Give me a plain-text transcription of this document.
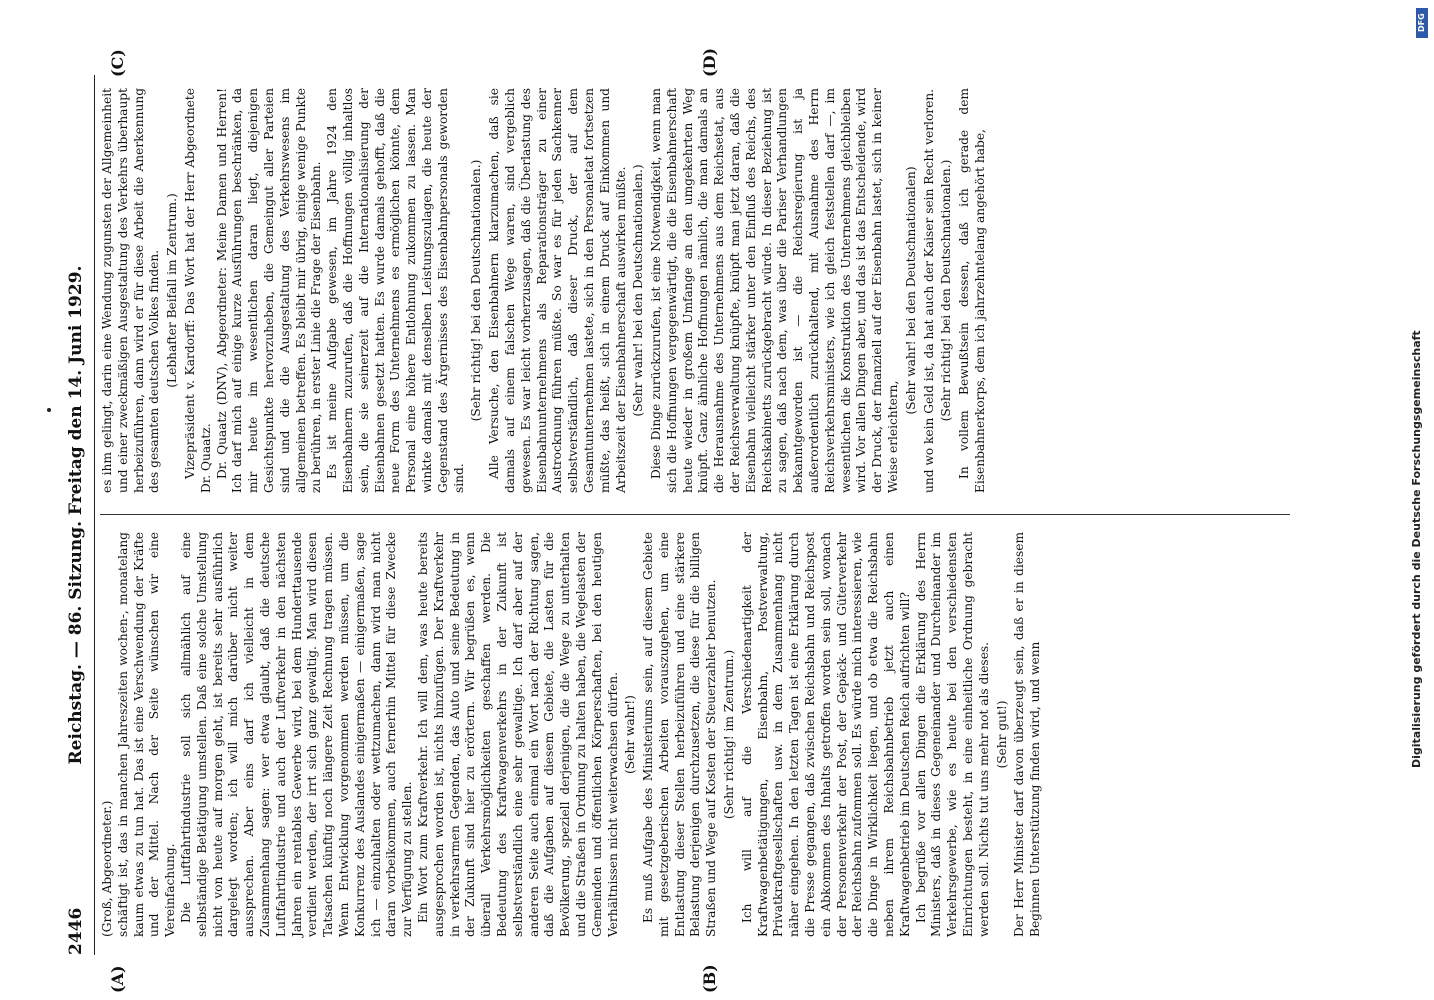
2446
Reichstag. — 86. Sitzung. Freitag den 14. Juni 1929.
(A)	(B)
(C)	(D)

(Groß, Abgeordneter.) schäftigt ist, das in manchen Jahreszeiten wochen-, monatelang kaum etwas zu tun hat. Das ist eine Verschwendung der Kräfte und der Mittel. Nach der Seite wünschen wir eine Vereinfachung. Die Luftfahrtindustrie soll sich allmählich auf eine selbständige Betätigung umstellen. Daß eine solche Umstellung nicht von heute auf morgen geht, ist bereits sehr ausführlich dargelegt worden; ich will mich darüber nicht weiter aussprechen. Aber eins darf ich vielleicht in dem Zusammenhang sagen: wer etwa glaubt, daß die deutsche Luftfahrtindustrie und auch der Luftverkehr in den nächsten Jahren ein rentables Gewerbe wird, bei dem Hunderttausende verdient werden, der irrt sich ganz gewaltig. Man wird diesen Tatsachen künftig noch längere Zeit Rechnung tragen müssen. Wenn Entwicklung vorgenommen werden müssen, um die Konkurrenz des Auslandes einigermaßen — einigermaßen, sage ich — einzuhalten oder wettzumachen, dann wird man nicht daran vorbeikommen, auch fernerhin Mittel für diese Zwecke zur Verfügung zu stellen. Ein Wort zum Kraftverkehr. Ich will dem, was heute bereits ausgesprochen worden ist, nichts hinzufügen. Der Kraftverkehr in verkehrsarmen Gegenden, das Auto und seine Bedeutung in der Zukunft sind hier zu erörtern. Wir begrüßen es, wenn überall Verkehrsmöglichkeiten geschaffen werden. Die Bedeutung des Kraftwagenverkehrs in der Zukunft ist selbstverständlich eine sehr gewaltige. Ich darf aber auf der anderen Seite auch einmal ein Wort nach der Richtung sagen, daß die Aufgaben auf diesem Gebiete, die Lasten für die Bevölkerung, speziell derjenigen, die die Wege zu unterhalten und die Straßen in Ordnung zu halten haben, die Wegelasten der Gemeinden und öffentlichen Körperschaften, bei den heutigen Verhältnissen nicht weiterwachsen dürfen. (Sehr wahr!) Es muß Aufgabe des Ministeriums sein, auf diesem Gebiete mit gesetzgeberischen Arbeiten vorauszugehen, um eine Entlastung dieser Stellen herbeizuführen und eine stärkere Belastung derjenigen durchzusetzen, die diese für die billigen Straßen und Wege auf Kosten der Steuerzahler benutzen. (Sehr richtig! im Zentrum.) Ich will auf die Verschiedenartigkeit der Kraftwagenbetätigungen, Eisenbahn, Postverwaltung, Privatkraftgesellschaften usw. in dem Zusammenhang nicht näher eingehen. In den letzten Tagen ist eine Erklärung durch die Presse gegangen, daß zwischen Reichsbahn und Reichspost ein Abkommen des Inhalts getroffen worden sein soll, wonach der Personenverkehr der Post, der Gepäck- und Güterverkehr der Reichsbahn zufommen soll. Es würde mich interessieren, wie die Dinge in Wirklichkeit liegen, und ob etwa die Reichsbahn neben ihrem Reichsbahnbetrieb jetzt auch einen Kraftwagenbetrieb im Deutschen Reich aufrichten will? Ich begrüße vor allen Dingen die Erklärung des Herrn Ministers, daß in dieses Gegeneinander und Durcheinander im Verkehrsgewerbe, wie es heute bei den verschiedensten Einrichtungen besteht, in eine einheitliche Ordnung gebracht werden soll. Nichts tut uns mehr not als dieses. (Sehr gut!) Der Herr Minister darf davon überzeugt sein, daß er in diesem Beginnen Unterstützung finden wird, und wenn

es ihm gelingt, darin eine Wendung zugunsten der Allgemeinheit und einer zweckmäßigen Ausgestaltung des Verkehrs überhaupt herbeizuführen, dann wird er für diese Arbeit die Anerkennung des gesamten deutschen Volkes finden. (Lebhafter Beifall im Zentrum.) Vizepräsident v. Kardorff: Das Wort hat der Herr Abgeordnete Dr. Quaatz. Dr. Quaatz (DNV), Abgeordneter: Meine Damen und Herren! Ich darf mich auf einige kurze Ausführungen beschränken, da mir heute im wesentlichen daran liegt, diejenigen Gesichtspunkte hervorzuheben, die Gemeingut aller Parteien sind und die die Ausgestaltung des Verkehrswesens im allgemeinen betreffen. Es bleibt mir übrig, einige wenige Punkte zu berühren, in erster Linie die Frage der Eisenbahn. Es ist meine Aufgabe gewesen, im Jahre 1924 den Eisenbahnern zuzurufen, daß die Hoffnungen völlig inhaltlos sein, die sie seinerzeit auf die Internationalisierung der Eisenbahnen gesetzt hatten. Es wurde damals gehofft, daß die neue Form des Unternehmens es ermöglichen könnte, dem Personal eine höhere Entlohnung zukommen zu lassen. Man winkte damals mit denselben Leistungszulagen, die heute der Gegenstand des Ärgernisses des Eisenbahnpersonals geworden sind.

(Sehr richtig! bei den Deutschnationalen.) Alle Versuche, den Eisenbahnern klarzumachen, daß sie damals auf einem falschen Wege waren, sind vergeblich gewesen. Es war leicht vorherzusagen, daß die Überlastung des Eisenbahnunternehmens als Reparationsträger zu einer Austrocknung führen müßte. So war es für jeden Sachkenner selbstverständlich, daß dieser Druck, der auf dem Gesamtunternehmen lastete, sich in den Personaletat fortsetzen müßte, das heißt, sich in einem Druck auf Einkommen und Arbeitszeit der Eisenbahnerschaft auswirken müßte. (Sehr wahr! bei den Deutschnationalen.) Diese Dinge zurückzurufen, ist eine Notwendigkeit, wenn man sich die Hoffnungen vergegenwärtigt, die die Eisenbahnerschaft heute wieder in großem Umfange an den umgekehrten Weg knüpft. Ganz ähnliche Hoffnungen nämlich, die man damals an die Herausnahme des Unternehmens aus dem Reichsetat, aus der Reichsverwaltung knüpfte, knüpft man jetzt daran, daß die Eisenbahn vielleicht stärker unter den Einfluß des Reichs, des Reichskabinetts zurückgebracht würde. In dieser Beziehung ist zu sagen, daß nach dem, was über die Pariser Verhandlungen bekanntgeworden ist — die Reichsregierung ist ja außerordentlich zurückhaltend, mit Ausnahme des Herrn Reichsverkehrsministers, wie ich gleich feststellen darf —, im wesentlichen die Konstruktion des Unternehmens gleichbleiben wird. Vor allen Dingen aber, und das ist das Entscheidende, wird der Druck, der finanziell auf der Eisenbahn lastet, sich in keiner Weise erleichtern,

(Sehr wahr! bei den Deutschnationalen) und wo kein Geld ist, da hat auch der Kaiser sein Recht verloren. (Sehr richtig! bei den Deutschnationalen.) In vollem Bewußtsein dessen, daß ich gerade dem Eisenbahnerkorps, dem ich jahrzehntelang angehört habe,

Digitalisierung gefördert durch die Deutsche Forschungsgemeinschaft
DFG
